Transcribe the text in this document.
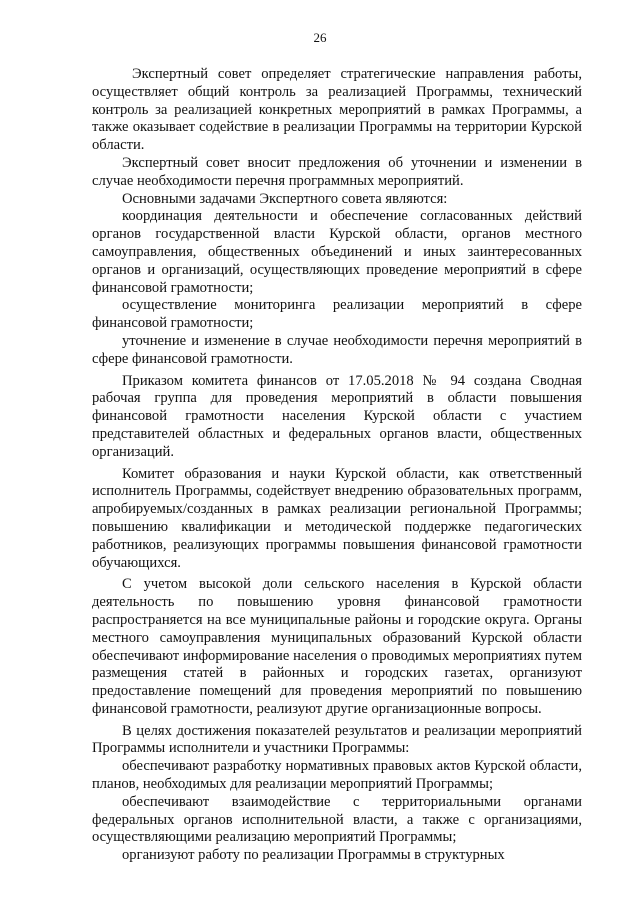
26

Экспертный совет определяет стратегические направления работы, осуществляет общий контроль за реализацией Программы, технический контроль за реализацией конкретных мероприятий в рамках Программы, а также оказывает содействие в реализации Программы на территории Курской области.

Экспертный совет вносит предложения об уточнении и изменении в случае необходимости перечня программных мероприятий.

Основными задачами Экспертного совета являются:

координация деятельности и обеспечение согласованных действий органов государственной власти Курской области, органов местного самоуправления, общественных объединений и иных заинтересованных органов и организаций, осуществляющих проведение мероприятий в сфере финансовой грамотности;

осуществление мониторинга реализации мероприятий в сфере финансовой грамотности;

уточнение и изменение в случае необходимости перечня мероприятий в сфере финансовой грамотности.

Приказом комитета финансов от 17.05.2018 № 94 создана Сводная рабочая группа для проведения мероприятий в области повышения финансовой грамотности населения Курской области с участием представителей областных и федеральных органов власти, общественных организаций.

Комитет образования и науки Курской области, как ответственный исполнитель Программы, содействует внедрению образовательных программ, апробируемых/созданных в рамках реализации региональной Программы; повышению квалификации и методической поддержке педагогических работников, реализующих программы повышения финансовой грамотности обучающихся.

С учетом высокой доли сельского населения в Курской области деятельность по повышению уровня финансовой грамотности распространяется на все муниципальные районы и городские округа. Органы местного самоуправления муниципальных образований Курской области обеспечивают информирование населения о проводимых мероприятиях путем размещения статей в районных и городских газетах, организуют предоставление помещений для проведения мероприятий по повышению финансовой грамотности, реализуют другие организационные вопросы.

В целях достижения показателей результатов и реализации мероприятий Программы исполнители и участники Программы:

обеспечивают разработку нормативных правовых актов Курской области, планов, необходимых для реализации мероприятий Программы;

обеспечивают взаимодействие с территориальными органами федеральных органов исполнительной власти, а также с организациями, осуществляющими реализацию мероприятий Программы;

организуют работу по реализации Программы в структурных
